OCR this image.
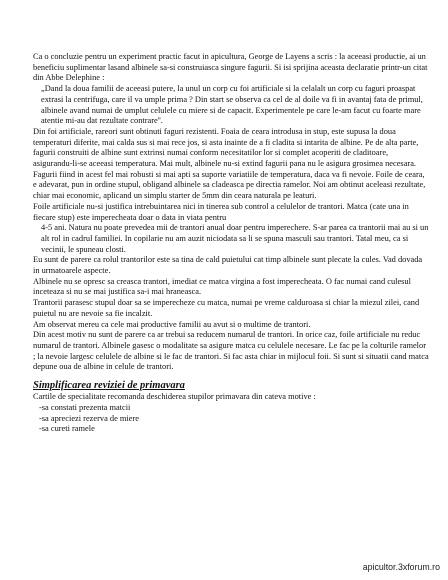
Ca o concluzie pentru un experiment practic facut in apicultura, George de Layens a scris : la aceeasi productie, ai un beneficiu suplimentar lasand albinele sa-si construiasca singure fagurii. Si isi sprijina aceasta declaratie printr-un citat din Abbe Delephine :

„Dand la doua familii de aceeasi putere, la unul un corp cu foi artificiale si la celalalt un corp cu faguri proaspat extrasi la centrifuga, care il va umple prima ? Din start se observa ca cel de al doile va fi in avantaj fata de primul, albinele avand numai de umplut celulele cu miere si de capacit. Experimentele pe care le-am facut cu foarte mare atentie mi-au dat rezultate contrare''.

Din foi artificiale, rareori sunt obtinuti faguri rezistenti. Foaia de ceara introdusa in stup, este supusa la doua temperaturi diferite, mai calda sus si mai rece jos, si asta inainte de a fi cladita si intarita de albine. Pe de alta parte, fagurii construiti de albine sunt extrinsi numai conform necesitatilor lor si complet acoperiti de claditoare, asigurandu-li-se aceeasi temperatura. Mai mult, albinele nu-si extind fagurii pana nu le asigura grosimea necesara. Fagurii fiind in acest fel mai robusti si mai apti sa suporte variatiile de temperatura, daca va fi nevoie. Foile de ceara, e adevarat, pun in ordine stupul, obligand albinele sa cladeasca pe directia ramelor. Noi am obtinut aceleasi rezultate, chiar mai economic, aplicand un simplu starter de 5mm din ceara naturala pe leaturi.

Foile artificiale nu-si justifica intrebuintarea nici in tinerea sub control a celulelor de trantori. Matca (cate una in fiecare stup) este imperecheata doar o data in viata pentru

4-5 ani. Natura nu poate prevedea mii de trantori anual doar pentru imperechere. S-ar parea ca trantorii mai au si un alt rol in cadrul familiei. In copilarie nu am auzit niciodata sa li se spuna masculi sau trantori. Tatal meu, ca si vecinii, le spuneau closti.

Eu sunt de parere ca rolul trantorilor este sa tina de cald puietului cat timp albinele sunt plecate la cules. Vad dovada in urmatoarele aspecte.

Albinele nu se opresc sa creasca trantori, imediat ce matca virgina a fost imperecheata. O fac numai cand culesul inceteaza si nu se mai justifica sa-i mai hraneasca.

Trantorii parasesc stupul doar sa se imperecheze cu matca, numai pe vreme calduroasa si chiar la miezul zilei, cand puietul nu are nevoie sa fie incalzit.

Am observat mereu ca cele mai productive familii au avut si o multime de trantori.

Din acest motiv nu sunt de parere ca ar trebui sa reducem numarul de trantori. In orice caz, foile artificiale nu reduc numarul de trantori. Albinele gasesc o modalitate sa asigure matca cu celulele necesare. Le fac pe la colturile ramelor ; la nevoie largesc celulele de albine si le fac de trantori. Si fac asta chiar in mijlocul foii. Si sunt si situatii cand matca depune oua de albine in celule de trantori.

Simplificarea reviziei de primavara

Cartile de specialitate recomanda deschiderea stupilor primavara din cateva motive :

-sa constati prezenta matcii

-sa apreciezi rezerva de miere

-sa cureti ramele

apicultor.3xforum.ro
